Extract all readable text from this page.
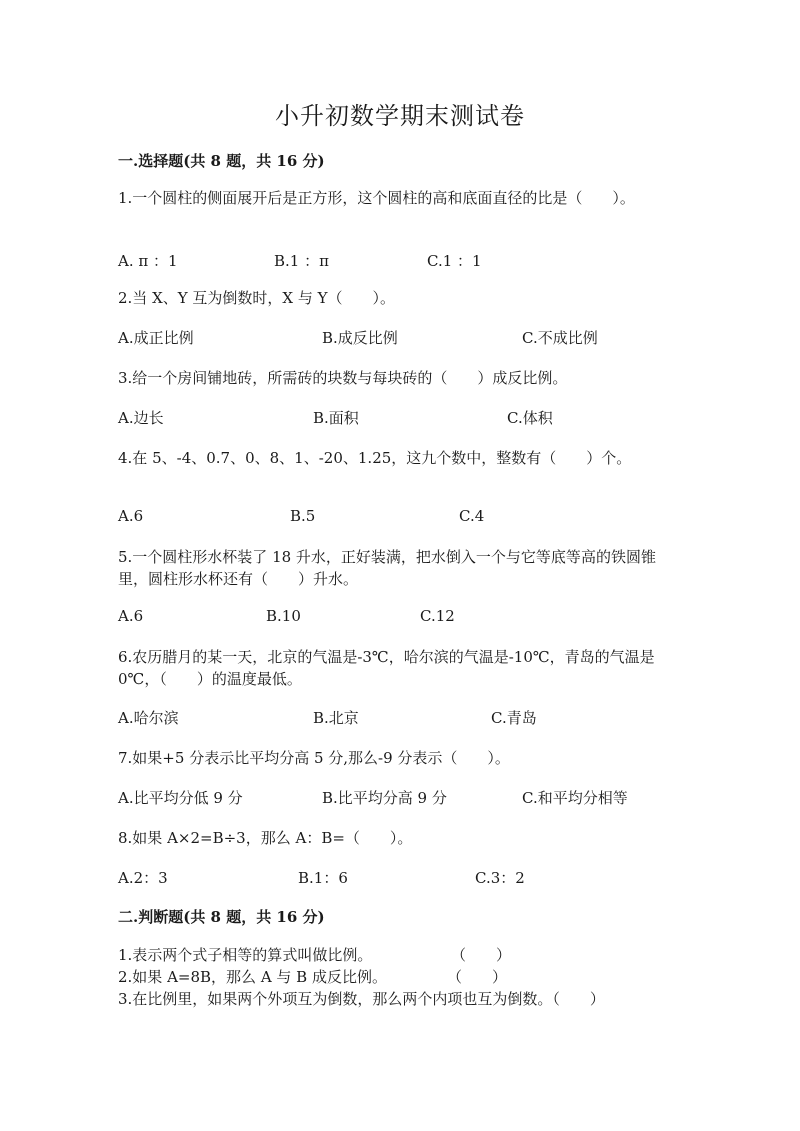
小升初数学期末测试卷
一.选择题(共 8 题，共 16 分)
1.一个圆柱的侧面展开后是正方形，这个圆柱的高和底面直径的比是（　　）。
A. π ：1	B.1 ：π	C.1 ：1
2.当 X、Y 互为倒数时，X 与 Y（　　）。
A.成正比例	B.成反比例	C.不成比例
3.给一个房间铺地砖，所需砖的块数与每块砖的（　　）成反比例。
A.边长	B.面积	C.体积
4.在 5、-4、0.7、0、8、1、-20、1.25，这九个数中，整数有（　　）个。
A.6	B.5	C.4
5.一个圆柱形水杯装了 18 升水，正好装满，把水倒入一个与它等底等高的铁圆锥里，圆柱形水杯还有（　　）升水。
A.6	B.10	C.12
6.农历腊月的某一天，北京的气温是-3℃，哈尔滨的气温是-10℃，青岛的气温是 0℃，（　　）的温度最低。
A.哈尔滨	B.北京	C.青岛
7.如果+5 分表示比平均分高 5 分,那么-9 分表示（　　）。
A.比平均分低 9 分	B.比平均分高 9 分	C.和平均分相等
8.如果 A×2=B÷3，那么 A：B=（　　）。
A.2：3	B.1：6	C.3：2
二.判断题(共 8 题，共 16 分)
1.表示两个式子相等的算式叫做比例。	（　　）
2.如果 A=8B，那么 A 与 B 成反比例。	（　　）
3.在比例里，如果两个外项互为倒数，那么两个内项也互为倒数。（　　）
